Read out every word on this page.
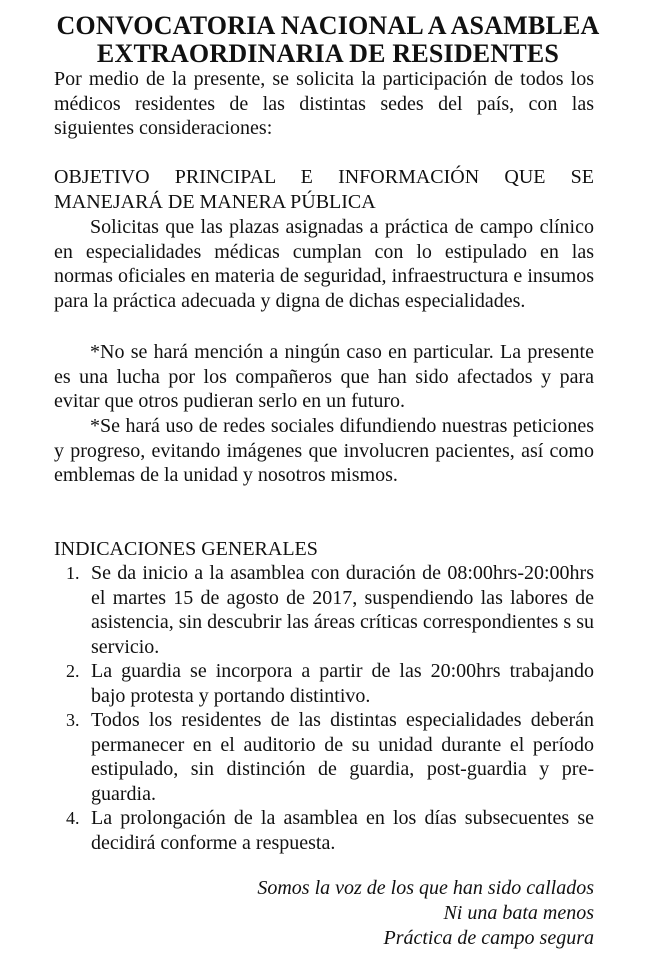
CONVOCATORIA NACIONAL A ASAMBLEA
EXTRAORDINARIA DE RESIDENTES
Por medio de la presente, se solicita la participación de todos los médicos residentes de las distintas sedes del país, con las siguientes consideraciones:
OBJETIVO PRINCIPAL E INFORMACIÓN QUE SE MANEJARÁ DE MANERA PÚBLICA
Solicitas que las plazas asignadas a práctica de campo clínico en especialidades médicas cumplan con lo estipulado en las normas oficiales en materia de seguridad, infraestructura e insumos para la práctica adecuada y digna de dichas especialidades.
*No se hará mención a ningún caso en particular. La presente es una lucha por los compañeros que han sido afectados y para evitar que otros pudieran serlo en un futuro.
*Se hará uso de redes sociales difundiendo nuestras peticiones y progreso, evitando imágenes que involucren pacientes, así como emblemas de la unidad y nosotros mismos.
INDICACIONES GENERALES
1. Se da inicio a la asamblea con duración de 08:00hrs-20:00hrs el martes 15 de agosto de 2017, suspendiendo las labores de asistencia, sin descubrir las áreas críticas correspondientes s su servicio.
2. La guardia se incorpora a partir de las 20:00hrs trabajando bajo protesta y portando distintivo.
3. Todos los residentes de las distintas especialidades deberán permanecer en el auditorio de su unidad durante el período estipulado, sin distinción de guardia, post-guardia y pre-guardia.
4. La prolongación de la asamblea en los días subsecuentes se decidirá conforme a respuesta.
Somos la voz de los que han sido callados
Ni una bata menos
Práctica de campo segura
